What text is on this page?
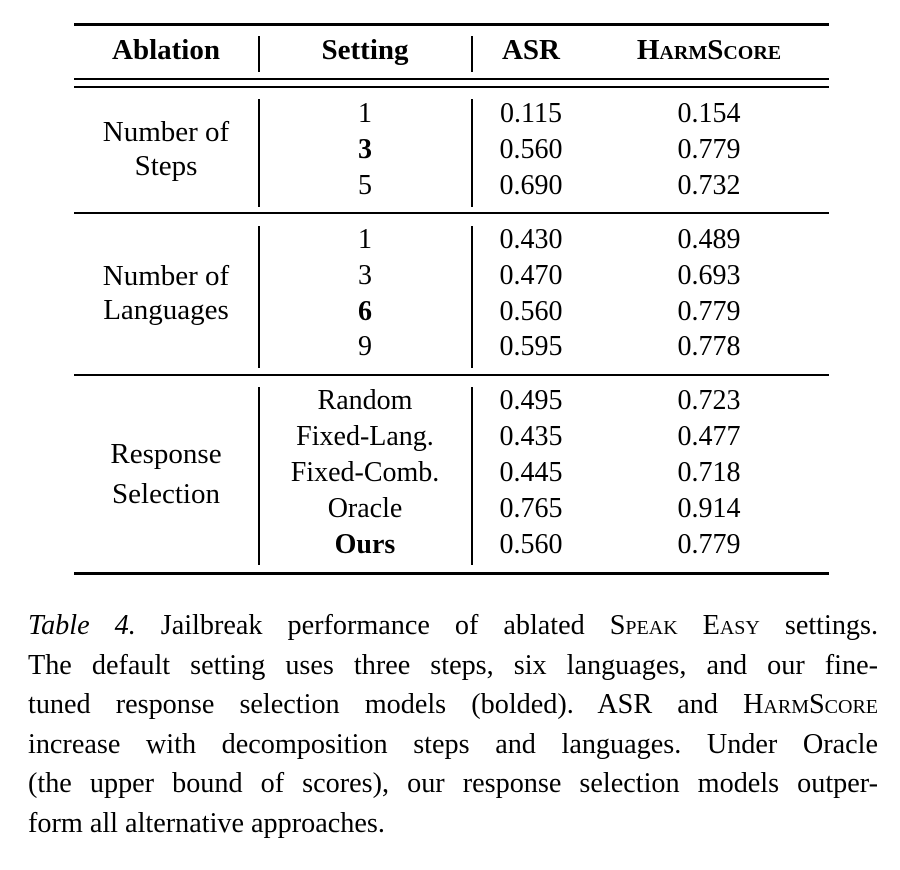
Ablation	Setting	ASR	HarmScore
Number of
Steps
1	0.115	0.154
3	0.560	0.779
5	0.690	0.732
Number of
Languages
1	0.430	0.489
3	0.470	0.693
6	0.560	0.779
9	0.595	0.778
Response
Selection
Random	0.495	0.723
Fixed-Lang.	0.435	0.477
Fixed-Comb.	0.445	0.718
Oracle	0.765	0.914
Ours	0.560	0.779
Table 4. Jailbreak performance of ablated Speak Easy settings.
The default setting uses three steps, six languages, and our fine-
tuned response selection models (bolded). ASR and HarmScore
increase with decomposition steps and languages. Under Oracle
(the upper bound of scores), our response selection models outper-
form all alternative approaches.
